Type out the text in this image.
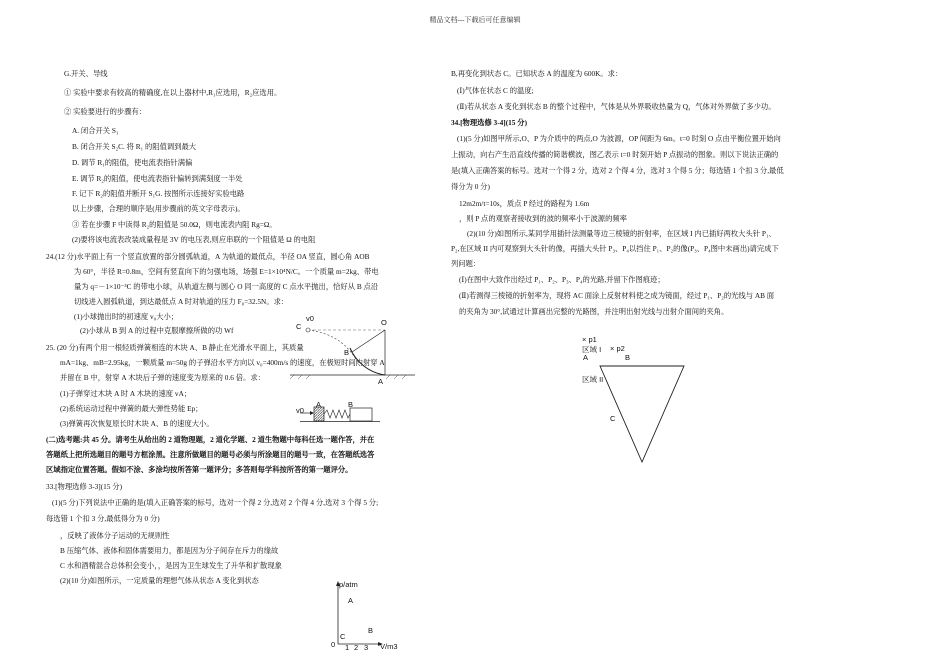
精品文档---下载后可任意编辑

G.开关、导线

① 实验中要求有较高的精确度,在以上器材中,R₁应选用，R₂应选用。

② 实验要进行的步骤有：

A. 闭合开关 S₁

B. 闭合开关 S₂C. 将 R₁ 的阻值调到最大

D. 调节 R₁的阻值，使电流表指针满偏

E. 调节 R₂的阻值，使电流表指针偏转到满刻度一半处

F. 记下 R₂的阻值并断开 S₁G. 按图所示连接好实验电路

以上步骤，合理的顺序是(用步骤前的英文字母表示)。

③ 若在步骤 F 中读得 R₂的阻值是 50.0Ω，则电流表内阻 Rg=Ω。

(2)要将该电流表改装成量程是 3V 的电压表,则应串联的一个阻值是 Ω 的电阻

24.(12 分)水平面上有一个竖直放置的部分圆弧轨道，A 为轨道的最低点，半径 OA 竖直，圆心角 AOB

为 60°，半径 R=0.8m，空间有竖直向下的匀强电场，场强 E=1×10⁴N/C。一个质量 m=2kg、带电

量为 q=－1×10⁻³C 的带电小球，从轨道左侧与圆心 O 同一高度的 C 点水平抛出，恰好从 B 点沿

切线进入圆弧轨道，到达最低点 A 时对轨道的压力 F₀=32.5N。求：

(1)小球抛出时的初速度 v₀大小；

(2)小球从 B 到 A 的过程中克服摩擦所做的功 Wf

25. (20 分)有两个用一根轻质弹簧相连的木块 A、B 静止在光滑水平面上，其质量

mA=1kg、mB=2.95kg，一颗质量 m=50g 的子弹沿水平方向以 v₀=400m/s 的速度，在极短时间内射穿 A

并留在 B 中，射穿 A 木块后子弹的速度变为原来的 0.6 倍。求：

(1)子弹穿过木块 A 时 A 木块的速度 vA；

(2)系统运动过程中弹簧的最大弹性势能 Ep；

(3)弹簧再次恢复原长时木块 A、B 的速度大小。

(二)选考题:共 45 分。请考生从给出的 2 道物理题，2 道化学题、2 道生物题中每科任选一题作答，并在

答题纸上把所选题目的题号方框涂黑。注意所做题目的题号必须与所涂题目的题号一致，在答题纸选答

区域指定位置答题。假如不涂、多涂均按所答第一题评分；多答则每学科按所答的第一题评分。

33.[物理选修 3-3](15 分)

(1)(5 分)下列说法中正确的是(填入正确答案的标号，选对一个得 2 分,选对 2 个得 4 分,选对 3 个得 5 分;

每选错 1 个扣 3 分,最低得分为 0 分)

，反映了液体分子运动的无规则性

B 压缩气体、液体和固体需要用力，都是因为分子间存在斥力的缘故

C 水和酒精混合总体积会变小，，是因为卫生球发生了升华和扩散现象

(2)(10 分)如图所示，一定质量的理想气体从状态 A 变化到状态

v0
C	O
B
A
v0
A	B
p/atm
A
B
C
0 1 2 3 V/m3

B,再变化到状态 C。已知状态 A 的温度为 600K。求：

(Ⅰ)气体在状态 C 的温度;

(Ⅱ)若从状态 A 变化到状态 B 的整个过程中，气体是从外界吸收热量为 Q，气体对外界做了多少功。

34.[物理选修 3-4](15 分)

(1)(5 分)如图甲所示,O、P 为介质中的两点,O 为波源，OP 间距为 6m。t=0 时刻 O 点由平衡位置开始向

上振动，向右产生沿直线传播的简谐横波，图乙表示 t=0 时刻开始 P 点振动的图象。则以下说法正确的

是(填入正确答案的标号。选对一个得 2 分，选对 2 个得 4 分，选对 3 个得 5 分；每选错 1 个扣 3 分,最低

得分为 0 分)

12m2m/t=10s，质点 P 经过的路程为 1.6m

，则 P 点的观察者接收到的波的频率小于波源的频率

(2)(10 分)如图所示,某同学用插针法测量等边三棱镜的折射率，在区域 I 内已插好两枚大头针 P₁、

P₂,在区域 II 内可观察到大头针的像，再插大头针 P₃、P₄以挡住 P₁、P₂的像(P₃、P₄图中未画出)请完成下

列问题：

(Ⅰ)在图中大致作出经过 P₁、P₂、P₃、P₄的光路,并留下作图痕迹；

(Ⅱ)若测得三棱镜的折射率为，现将 AC 面涂上反射材料使之成为镜面，经过 P₁、P₂的光线与 AB 面

的夹角为 30°,试通过计算画出完整的光路图，并注明出射光线与出射介面间的夹角。

× p1
区域 I × p2
A	B
区域 II
C
